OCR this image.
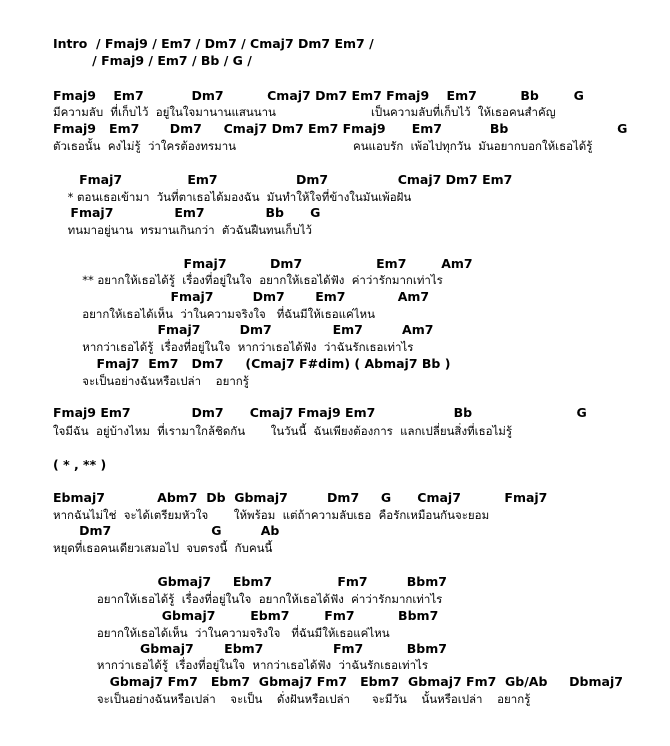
Intro  / Fmaj9 / Em7 / Dm7 / Cmaj7 Dm7 Em7 /
/ Fmaj9 / Em7 / Bb / G /
Fmaj9    Em7           Dm7          Cmaj7 Dm7 Em7 Fmaj9    Em7          Bb        G
มีความลับ  ที่เก็บไว้  อยู่ในใจมานานแสนนาน                          เป็นความลับที่เก็บไว้  ให้เธอคนสำคัญ
Fmaj9   Em7       Dm7     Cmaj7 Dm7 Em7 Fmaj9      Em7           Bb                         G
ตัวเธอนั้น  คงไม่รู้  ว่าใครต้องทรมาน                                คนแอบรัก  เพ้อไปทุกวัน  มันอยากบอกให้เธอได้รู้
Fmaj7               Em7                  Dm7                Cmaj7 Dm7 Em7
* ตอนเธอเข้ามา  วันที่ตาเธอได้มองฉัน  มันทำให้ใจที่ข้างในมันเพ้อฝัน
Fmaj7              Em7              Bb      G
ทนมาอยู่นาน  ทรมานเกินกว่า  ตัวฉันฝืนทนเก็บไว้
Fmaj7          Dm7                 Em7        Am7
** อยากให้เธอได้รู้  เรื่องที่อยู่ในใจ  อยากให้เธอได้ฟัง  ค่าว่ารักมากเท่าไร
Fmaj7         Dm7       Em7            Am7
อยากให้เธอได้เห็น  ว่าในความจริงใจ   ที่ฉันมีให้เธอแค่ไหน
Fmaj7         Dm7              Em7         Am7
หากว่าเธอได้รู้  เรื่องที่อยู่ในใจ  หากว่าเธอได้ฟัง  ว่าฉันรักเธอเท่าไร
Fmaj7  Em7   Dm7     (Cmaj7 F#dim) ( Abmaj7 Bb )
จะเป็นอย่างฉันหรือเปล่า    อยากรู้
Fmaj9 Em7              Dm7      Cmaj7 Fmaj9 Em7                  Bb                        G
ใจมีฉัน  อยู่บ้างไหม  ที่เรามาใกล้ชิดกัน       ในวันนี้  ฉันเพียงต้องการ  แลกเปลี่ยนสิ่งที่เธอไม่รู้
( * , ** )
Ebmaj7            Abm7  Db  Gbmaj7         Dm7     G      Cmaj7          Fmaj7
หากฉันไม่ใช่  จะได้เตรียมหัวใจ       ให้พร้อม  แต่ถ้าความลับเธอ  คือรักเหมือนกันจะยอม
Dm7                       G         Ab
หยุดที่เธอคนเดียวเสมอไป  จบตรงนี้  กับคนนี้
Gbmaj7     Ebm7               Fm7         Bbm7
อยากให้เธอได้รู้  เรื่องที่อยู่ในใจ  อยากให้เธอได้ฟัง  ค่าว่ารักมากเท่าไร
Gbmaj7        Ebm7        Fm7          Bbm7
อยากให้เธอได้เห็น  ว่าในความจริงใจ   ที่ฉันมีให้เธอแค่ไหน
Gbmaj7       Ebm7                Fm7          Bbm7
หากว่าเธอได้รู้  เรื่องที่อยู่ในใจ  หากว่าเธอได้ฟัง  ว่าฉันรักเธอเท่าไร
Gbmaj7 Fm7   Ebm7  Gbmaj7 Fm7   Ebm7  Gbmaj7 Fm7  Gb/Ab     Dbmaj7
จะเป็นอย่างฉันหรือเปล่า    จะเป็น    ดั่งฝันหรือเปล่า      จะมีวัน    นั้นหรือเปล่า    อยากรู้
